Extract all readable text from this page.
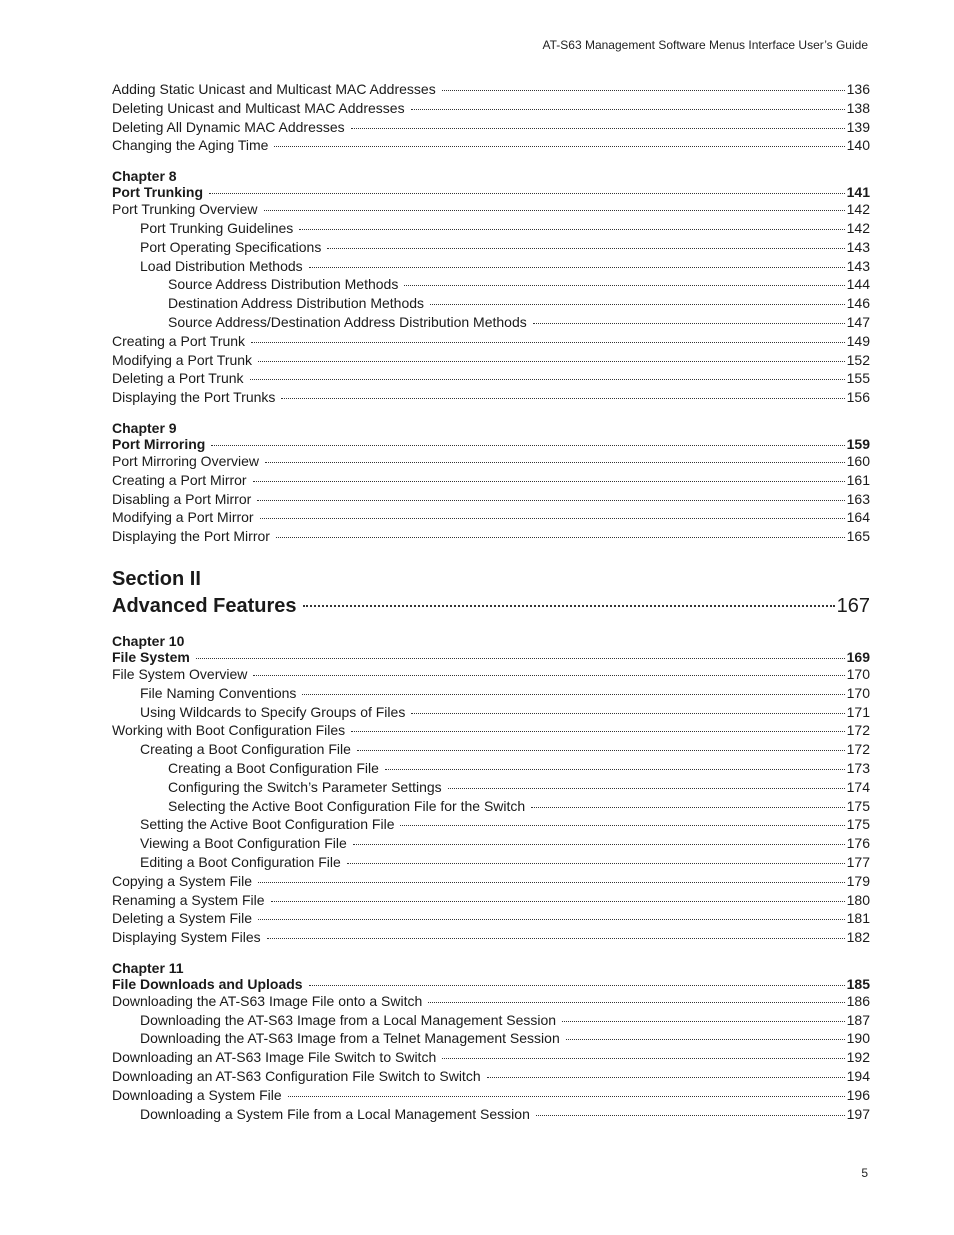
AT-S63 Management Software Menus Interface User’s Guide
Adding Static Unicast and Multicast MAC Addresses	136
Deleting Unicast and Multicast MAC Addresses	138
Deleting All Dynamic MAC Addresses	139
Changing the Aging Time	140
Chapter 8
Port Trunking	141
Port Trunking Overview	142
Port Trunking Guidelines	142
Port Operating Specifications	143
Load Distribution Methods	143
Source Address Distribution Methods	144
Destination Address Distribution Methods	146
Source Address/Destination Address Distribution Methods	147
Creating a Port Trunk	149
Modifying a Port Trunk	152
Deleting a Port Trunk	155
Displaying the Port Trunks	156
Chapter 9
Port Mirroring	159
Port Mirroring Overview	160
Creating a Port Mirror	161
Disabling a Port Mirror	163
Modifying a Port Mirror	164
Displaying the Port Mirror	165
Section II
Advanced Features	167
Chapter 10
File System	169
File System Overview	170
File Naming Conventions	170
Using Wildcards to Specify Groups of Files	171
Working with Boot Configuration Files	172
Creating a Boot Configuration File	172
Creating a Boot Configuration File	173
Configuring the Switch’s Parameter Settings	174
Selecting the Active Boot Configuration File for the Switch	175
Setting the Active Boot Configuration File	175
Viewing a Boot Configuration File	176
Editing a Boot Configuration File	177
Copying a System File	179
Renaming a System File	180
Deleting a System File	181
Displaying System Files	182
Chapter 11
File Downloads and Uploads	185
Downloading the AT-S63 Image File onto a Switch	186
Downloading the AT-S63 Image from a Local Management Session	187
Downloading the AT-S63 Image from a Telnet Management Session	190
Downloading an AT-S63 Image File Switch to Switch	192
Downloading an AT-S63 Configuration File Switch to Switch	194
Downloading a System File	196
Downloading a System File from a Local Management Session	197
5
